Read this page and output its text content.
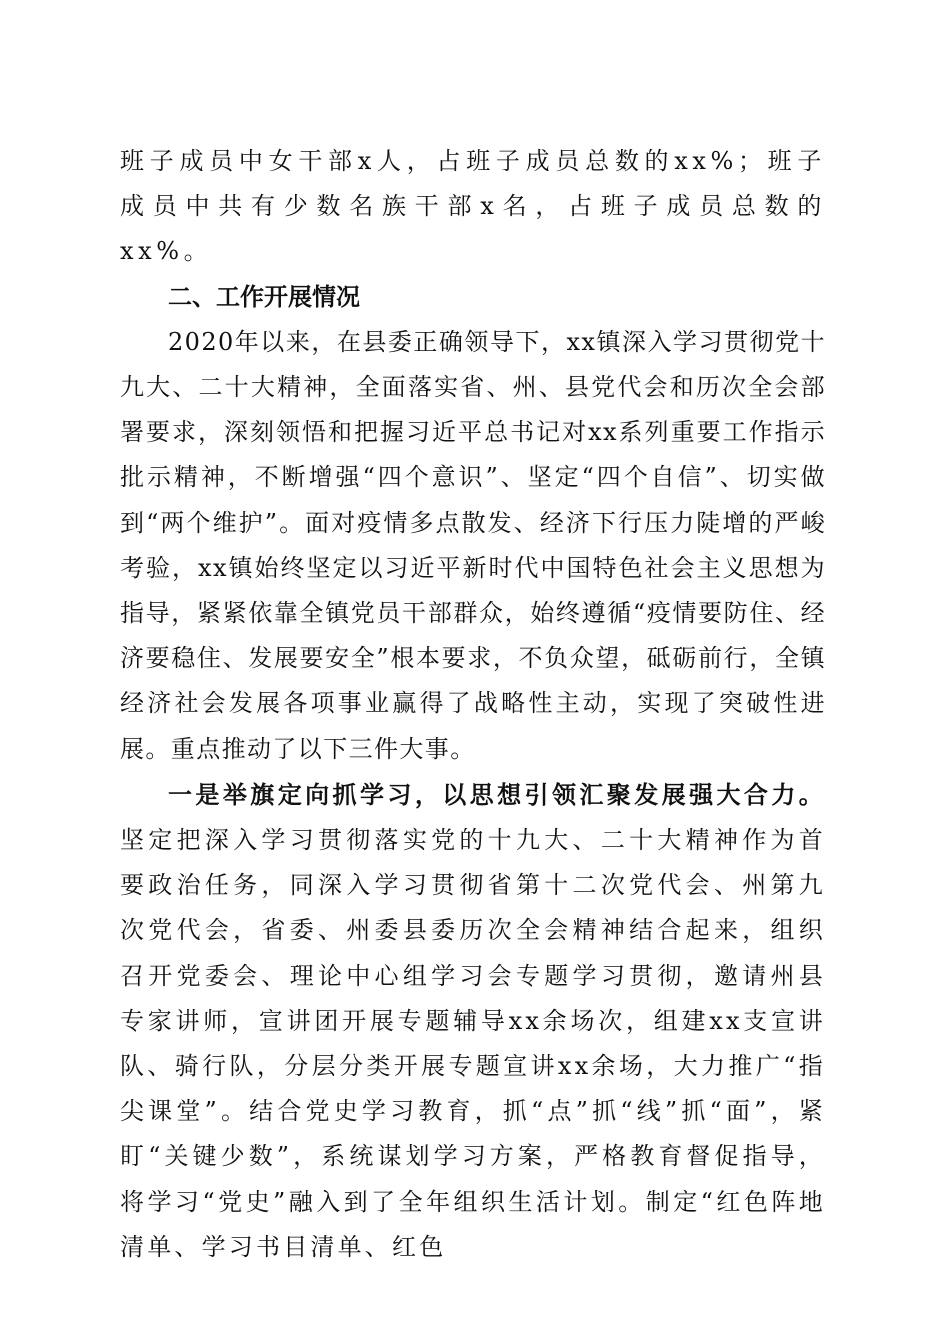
班子成员中女干部x人，占班子成员总数的xx%；班子成员中共有少数名族干部x名，占班子成员总数的xx%。

二、工作开展情况

2020年以来，在县委正确领导下，xx镇深入学习贯彻党十九大、二十大精神，全面落实省、州、县党代会和历次全会部署要求，深刻领悟和把握习近平总书记对xx系列重要工作指示批示精神，不断增强“四个意识”、坚定“四个自信”、切实做到“两个维护”。面对疫情多点散发、经济下行压力陡增的严峻考验，xx镇始终坚定以习近平新时代中国特色社会主义思想为指导，紧紧依靠全镇党员干部群众，始终遵循“疫情要防住、经济要稳住、发展要安全”根本要求，不负众望，砥砺前行，全镇经济社会发展各项事业赢得了战略性主动，实现了突破性进展。重点推动了以下三件大事。

一是举旗定向抓学习，以思想引领汇聚发展强大合力。坚定把深入学习贯彻落实党的十九大、二十大精神作为首要政治任务，同深入学习贯彻省第十二次党代会、州第九次党代会，省委、州委县委历次全会精神结合起来，组织召开党委会、理论中心组学习会专题学习贯彻，邀请州县专家讲师，宣讲团开展专题辅导xx余场次，组建xx支宣讲队、骑行队，分层分类开展专题宣讲xx余场，大力推广“指尖课堂”。结合党史学习教育，抓“点”抓“线”抓“面”，紧盯“关键少数”，系统谋划学习方案，严格教育督促指导，将学习“党史”融入到了全年组织生活计划。制定“红色阵地清单、学习书目清单、红色
